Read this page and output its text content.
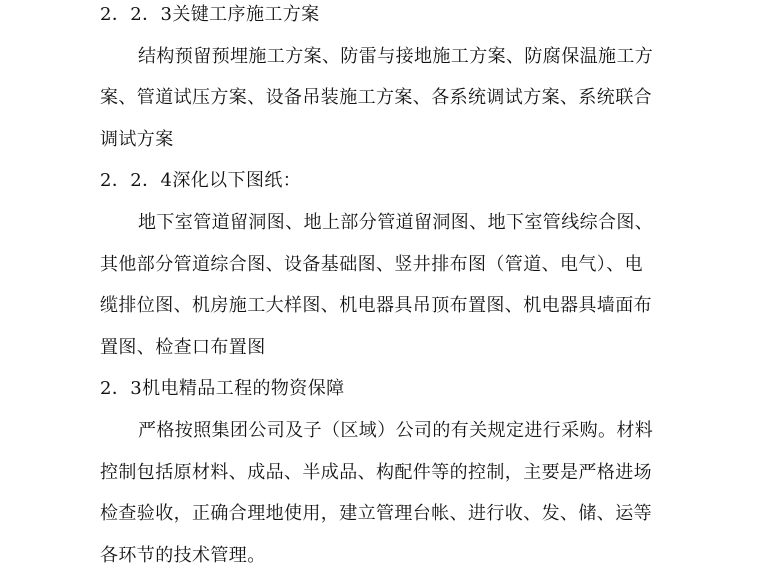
2．2．3关键工序施工方案
结构预留预埋施工方案、防雷与接地施工方案、防腐保温施工方
案、管道试压方案、设备吊装施工方案、各系统调试方案、系统联合
调试方案
2．2．4深化以下图纸：
地下室管道留洞图、地上部分管道留洞图、地下室管线综合图、
其他部分管道综合图、设备基础图、竖井排布图（管道、电气）、电
缆排位图、机房施工大样图、机电器具吊顶布置图、机电器具墙面布
置图、检查口布置图
2．3机电精品工程的物资保障
严格按照集团公司及子（区域）公司的有关规定进行采购。材料
控制包括原材料、成品、半成品、构配件等的控制，主要是严格进场
检查验收，正确合理地使用，建立管理台帐、进行收、发、储、运等
各环节的技术管理。
